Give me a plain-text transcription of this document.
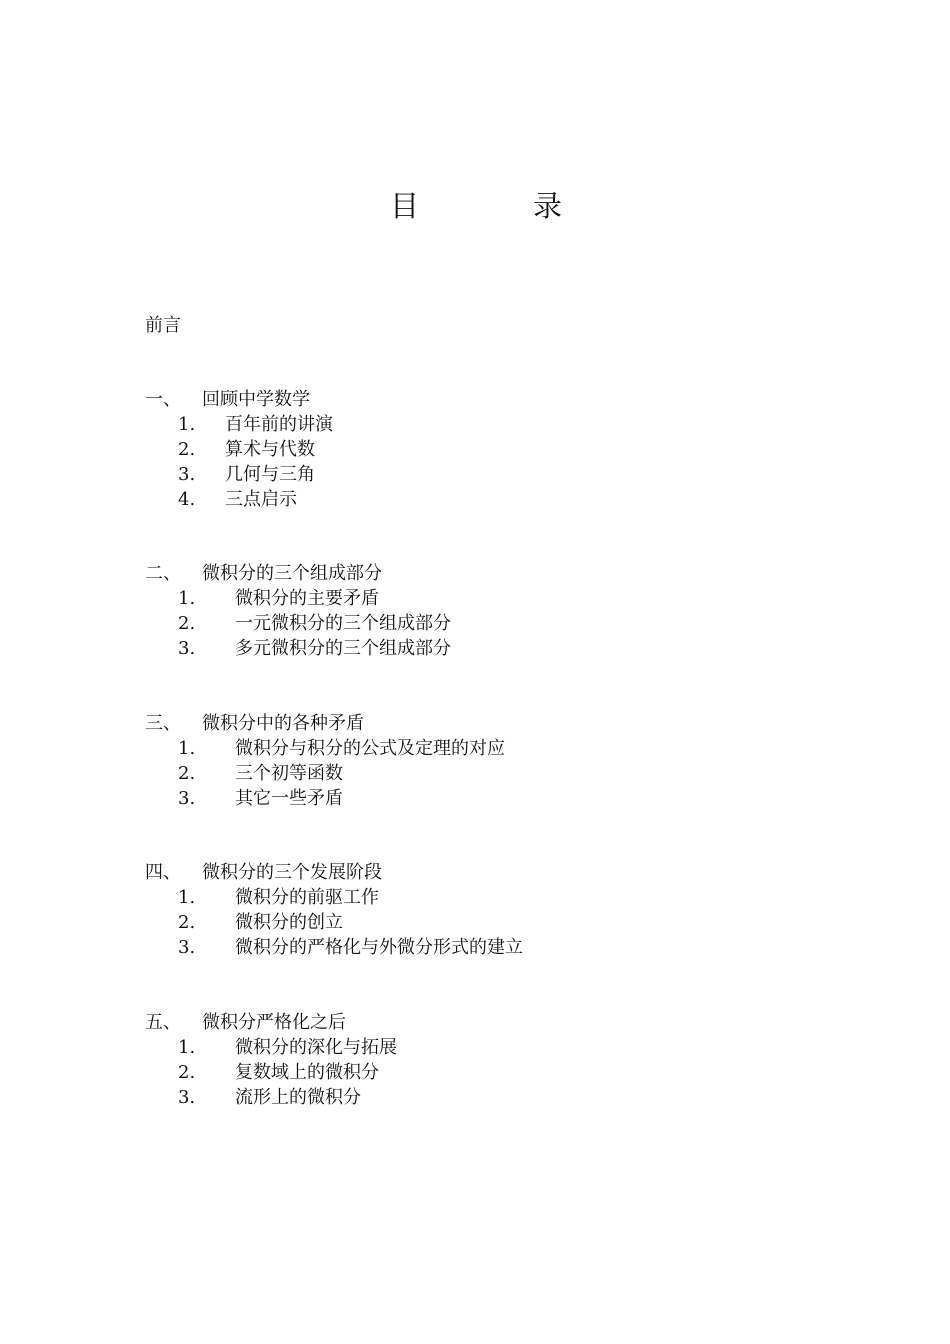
目	录
前言
一、 回顾中学数学
1. 百年前的讲演
2. 算术与代数
3. 几何与三角
4. 三点启示
二、 微积分的三个组成部分
1. 微积分的主要矛盾
2. 一元微积分的三个组成部分
3. 多元微积分的三个组成部分
三、 微积分中的各种矛盾
1. 微积分与积分的公式及定理的对应
2. 三个初等函数
3. 其它一些矛盾
四、 微积分的三个发展阶段
1. 微积分的前驱工作
2. 微积分的创立
3. 微积分的严格化与外微分形式的建立
五、 微积分严格化之后
1. 微积分的深化与拓展
2. 复数域上的微积分
3. 流形上的微积分
